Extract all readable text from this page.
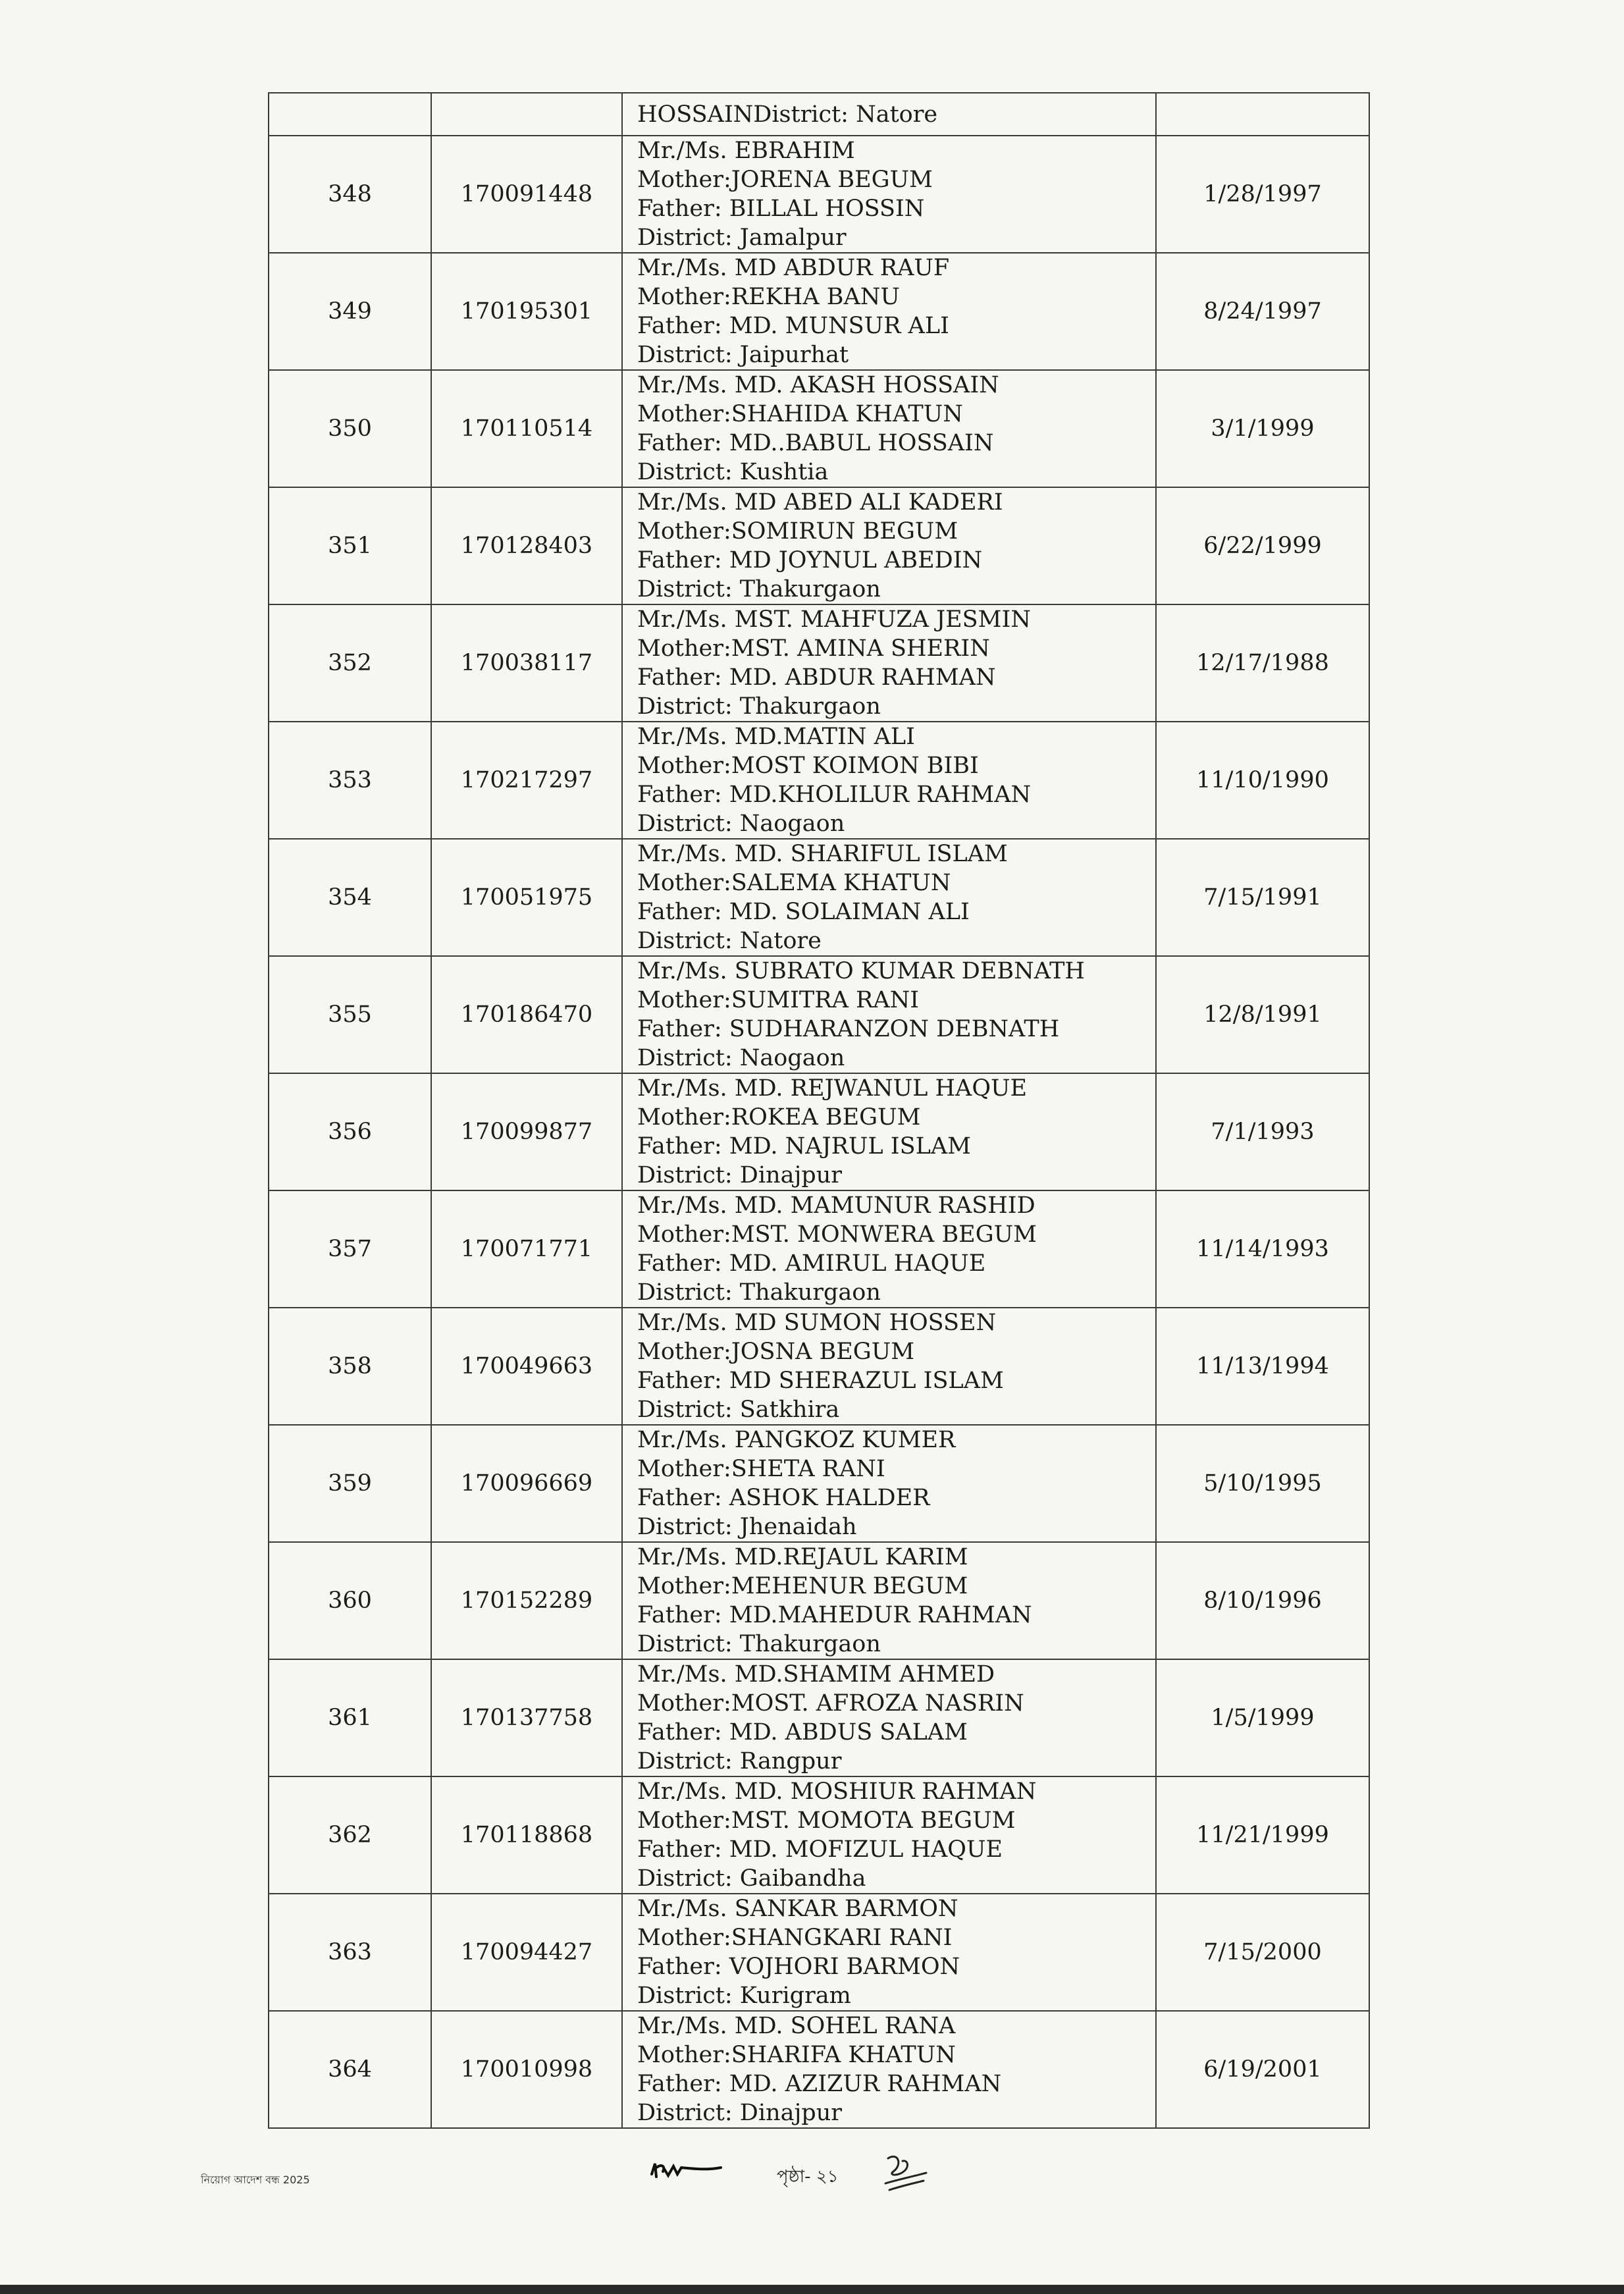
		HOSSAINDistrict: Natore	

348	170091448	Mr./Ms. EBRAHIM
Mother:JORENA BEGUM
Father: BILLAL HOSSIN
District: Jamalpur	1/28/1997
349	170195301	Mr./Ms. MD ABDUR RAUF
Mother:REKHA BANU
Father: MD. MUNSUR ALI
District: Jaipurhat	8/24/1997
350	170110514	Mr./Ms. MD. AKASH HOSSAIN
Mother:SHAHIDA KHATUN
Father: MD..BABUL HOSSAIN
District: Kushtia	3/1/1999
351	170128403	Mr./Ms. MD ABED ALI KADERI
Mother:SOMIRUN BEGUM
Father: MD JOYNUL ABEDIN
District: Thakurgaon	6/22/1999
352	170038117	Mr./Ms. MST. MAHFUZA JESMIN
Mother:MST. AMINA SHERIN
Father: MD. ABDUR RAHMAN
District: Thakurgaon	12/17/1988
353	170217297	Mr./Ms. MD.MATIN ALI
Mother:MOST KOIMON BIBI
Father: MD.KHOLILUR RAHMAN
District: Naogaon	11/10/1990
354	170051975	Mr./Ms. MD. SHARIFUL ISLAM
Mother:SALEMA KHATUN
Father: MD. SOLAIMAN ALI
District: Natore	7/15/1991
355	170186470	Mr./Ms. SUBRATO KUMAR DEBNATH
Mother:SUMITRA RANI
Father: SUDHARANZON DEBNATH
District: Naogaon	12/8/1991
356	170099877	Mr./Ms. MD. REJWANUL HAQUE
Mother:ROKEA BEGUM
Father: MD. NAJRUL ISLAM
District: Dinajpur	7/1/1993
357	170071771	Mr./Ms. MD. MAMUNUR RASHID
Mother:MST. MONWERA BEGUM
Father: MD. AMIRUL HAQUE
District: Thakurgaon	11/14/1993
358	170049663	Mr./Ms. MD SUMON HOSSEN
Mother:JOSNA BEGUM
Father: MD SHERAZUL ISLAM
District: Satkhira	11/13/1994
359	170096669	Mr./Ms. PANGKOZ KUMER
Mother:SHETA RANI
Father: ASHOK HALDER
District: Jhenaidah	5/10/1995
360	170152289	Mr./Ms. MD.REJAUL KARIM
Mother:MEHENUR BEGUM
Father: MD.MAHEDUR RAHMAN
District: Thakurgaon	8/10/1996
361	170137758	Mr./Ms. MD.SHAMIM AHMED
Mother:MOST. AFROZA NASRIN
Father: MD. ABDUS SALAM
District: Rangpur	1/5/1999
362	170118868	Mr./Ms. MD. MOSHIUR RAHMAN
Mother:MST. MOMOTA BEGUM
Father: MD. MOFIZUL HAQUE
District: Gaibandha	11/21/1999
363	170094427	Mr./Ms. SANKAR BARMON
Mother:SHANGKARI RANI
Father: VOJHORI BARMON
District: Kurigram	7/15/2000
364	170010998	Mr./Ms. MD. SOHEL RANA
Mother:SHARIFA KHATUN
Father: MD. AZIZUR RAHMAN
District: Dinajpur	6/19/2001
পৃষ্ঠা- ২১
নিয়োগ আদেশ বন্ধ 2025
